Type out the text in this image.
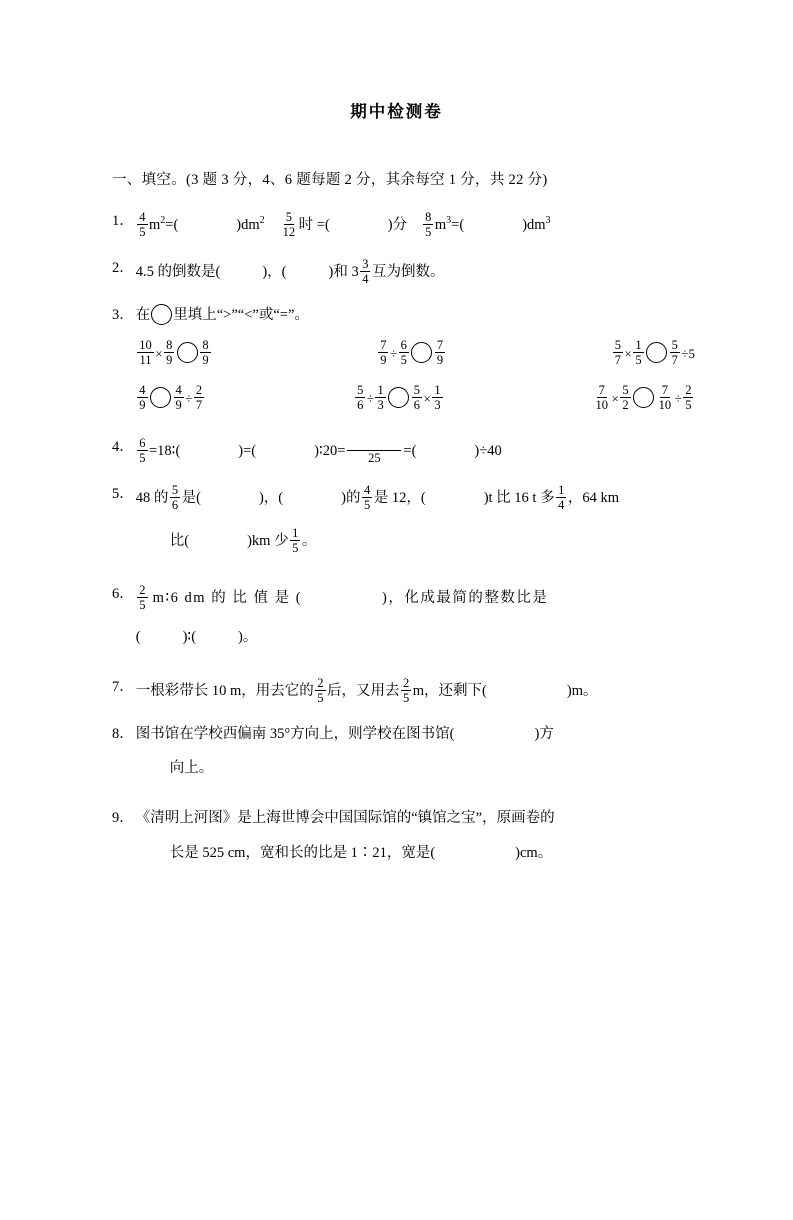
期中检测卷
一、填空。(3 题 3 分，4、6 题每题 2 分，其余每空 1 分，共 22 分)
1． $\frac{4}{5} m^2=$(	)$dm^2 \frac{5}{12}$ 时 =(	)分 $\frac{8}{5} m^3=$(	)$dm^3$
2． 4.5 的倒数是(	)，(	)和 $3 \frac{3}{4}$ 互为倒数。
3． 在 里填上“>”“<”或“=”。
$\frac{10}{11} \times \frac{8}{9} \frac{8}{9}$	$\frac{7}{9} \div \frac{6}{5} \frac{7}{9}$	$\frac{5}{7} \times \frac{1}{5} \frac{5}{7} \div 5$
$\frac{4}{9} \frac{4}{9} \div \frac{2}{7}$	$\frac{5}{6} \div \frac{1}{3} \frac{5}{6} \times \frac{1}{3}$	$\frac{7}{10} \times \frac{5}{2} \frac{7}{10} \div \frac{2}{5}$
4． $\frac{6}{5}$ =18∶(	)=(	)∶20=
25 =(	)÷40
5． 48 的 $\frac{5}{6}$ 是(	)，(	)的 $\frac{4}{5}$ 是 12，(	)t 比 16 t 多 $\frac{1}{4}$ ，64 km
比(	)km 少 $\frac{1}{5}$ 。
6． $\frac{2}{5}$ m∶6 dm 的 比 值 是 (	)，化成最简的整数比是
(	)∶(	)。
7． 一根彩带长 10 m，用去它的 $\frac{2}{5}$ 后，又用去 $\frac{2}{5}$ m，还剩下(	)m。
8． 图书馆在学校西偏南 35°方向上，则学校在图书馆(	)方
向上。
9． 《清明上河图》是上海世博会中国国际馆的“镇馆之宝”，原画卷的
长是 525 cm，宽和长的比是 1∶21，宽是(	)cm。
